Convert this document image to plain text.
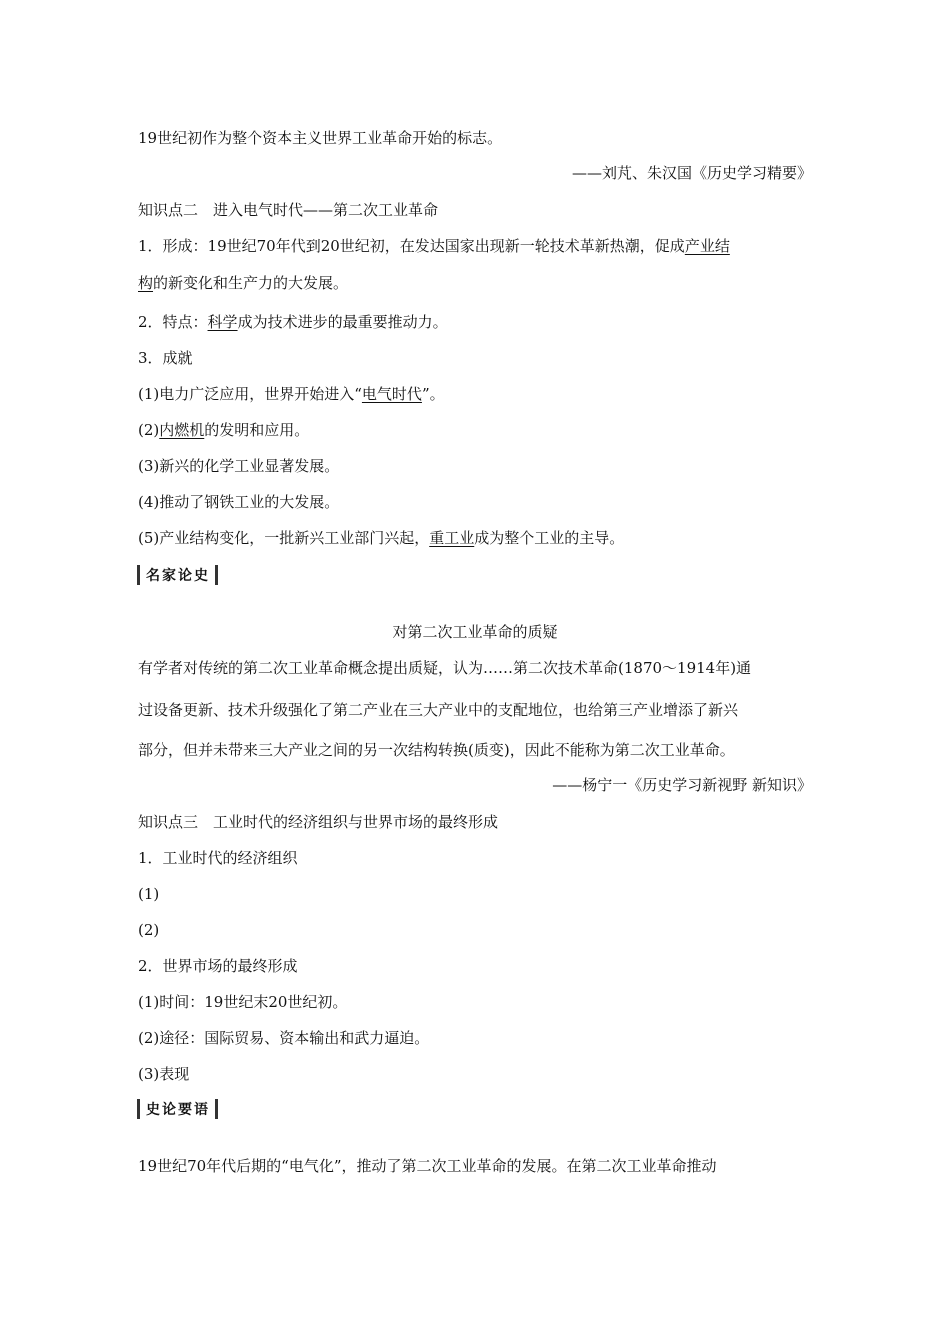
19世纪初作为整个资本主义世界工业革命开始的标志。
——刘芃、朱汉国《历史学习精要》
知识点二　进入电气时代——第二次工业革命
1．形成：19世纪70年代到20世纪初，在发达国家出现新一轮技术革新热潮，促成产业结
构的新变化和生产力的大发展。
2．特点：科学成为技术进步的最重要推动力。
3．成就
(1)电力广泛应用，世界开始进入“电气时代”。
(2)内燃机的发明和应用。
(3)新兴的化学工业显著发展。
(4)推动了钢铁工业的大发展。
(5)产业结构变化，一批新兴工业部门兴起，重工业成为整个工业的主导。
名家论史
对第二次工业革命的质疑
有学者对传统的第二次工业革命概念提出质疑，认为……第二次技术革命(1870～1914年)通
过设备更新、技术升级强化了第二产业在三大产业中的支配地位，也给第三产业增添了新兴
部分，但并未带来三大产业之间的另一次结构转换(质变)，因此不能称为第二次工业革命。
——杨宁一《历史学习新视野 新知识》
知识点三　工业时代的经济组织与世界市场的最终形成
1．工业时代的经济组织
(1)
(2)
2．世界市场的最终形成
(1)时间：19世纪末20世纪初。
(2)途径：国际贸易、资本输出和武力逼迫。
(3)表现
史论要语
19世纪70年代后期的“电气化”，推动了第二次工业革命的发展。在第二次工业革命推动
